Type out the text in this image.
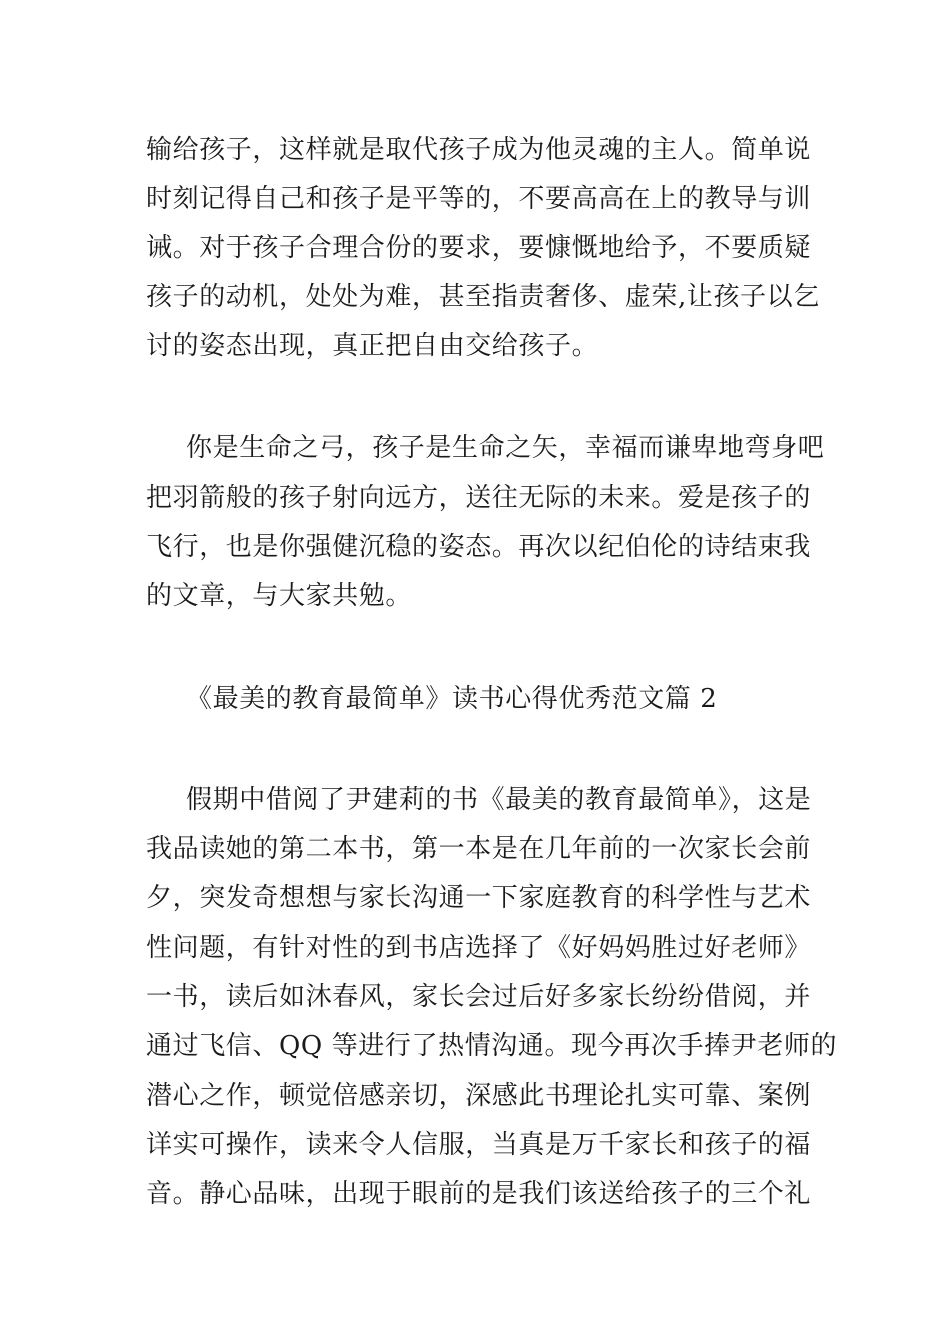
输给孩子，这样就是取代孩子成为他灵魂的主人。简单说
时刻记得自己和孩子是平等的，不要高高在上的教导与训
诫。对于孩子合理合份的要求，要慷慨地给予，不要质疑
孩子的动机，处处为难，甚至指责奢侈、虚荣,让孩子以乞
讨的姿态出现，真正把自由交给孩子。
你是生命之弓，孩子是生命之矢，幸福而谦卑地弯身吧
把羽箭般的孩子射向远方，送往无际的未来。爱是孩子的
飞行，也是你强健沉稳的姿态。再次以纪伯伦的诗结束我
的文章，与大家共勉。
《最美的教育最简单》读书心得优秀范文篇 2
假期中借阅了尹建莉的书《最美的教育最简单》，这是
我品读她的第二本书，第一本是在几年前的一次家长会前
夕，突发奇想想与家长沟通一下家庭教育的科学性与艺术
性问题，有针对性的到书店选择了《好妈妈胜过好老师》
一书，读后如沐春风，家长会过后好多家长纷纷借阅，并
通过飞信、QQ 等进行了热情沟通。现今再次手捧尹老师的
潜心之作，顿觉倍感亲切，深感此书理论扎实可靠、案例
详实可操作，读来令人信服，当真是万千家长和孩子的福
音。静心品味，出现于眼前的是我们该送给孩子的三个礼
